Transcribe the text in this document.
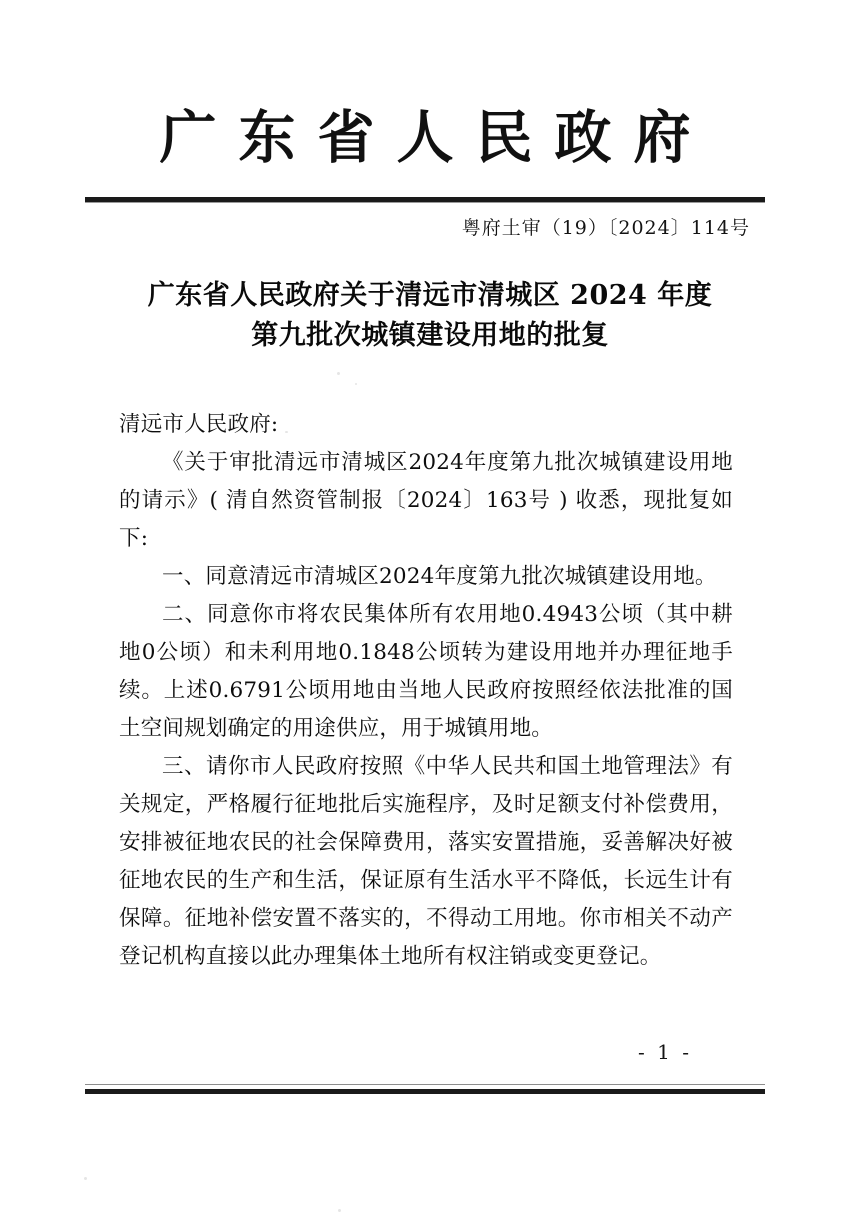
广东省人民政府
粤府土审（19）〔2024〕114号
广东省人民政府关于清远市清城区 2024 年度
第九批次城镇建设用地的批复

清远市人民政府:

《关于审批清远市清城区2024年度第九批次城镇建设用地的请示》( 清自然资管制报〔2024〕163号 ) 收悉，现批复如下:

一、同意清远市清城区2024年度第九批次城镇建设用地。

二、同意你市将农民集体所有农用地0.4943公顷（其中耕地0公顷）和未利用地0.1848公顷转为建设用地并办理征地手续。上述0.6791公顷用地由当地人民政府按照经依法批准的国土空间规划确定的用途供应，用于城镇用地。

三、请你市人民政府按照《中华人民共和国土地管理法》有关规定，严格履行征地批后实施程序，及时足额支付补偿费用，安排被征地农民的社会保障费用，落实安置措施，妥善解决好被征地农民的生产和生活，保证原有生活水平不降低，长远生计有保障。征地补偿安置不落实的，不得动工用地。你市相关不动产登记机构直接以此办理集体土地所有权注销或变更登记。

- 1 -
